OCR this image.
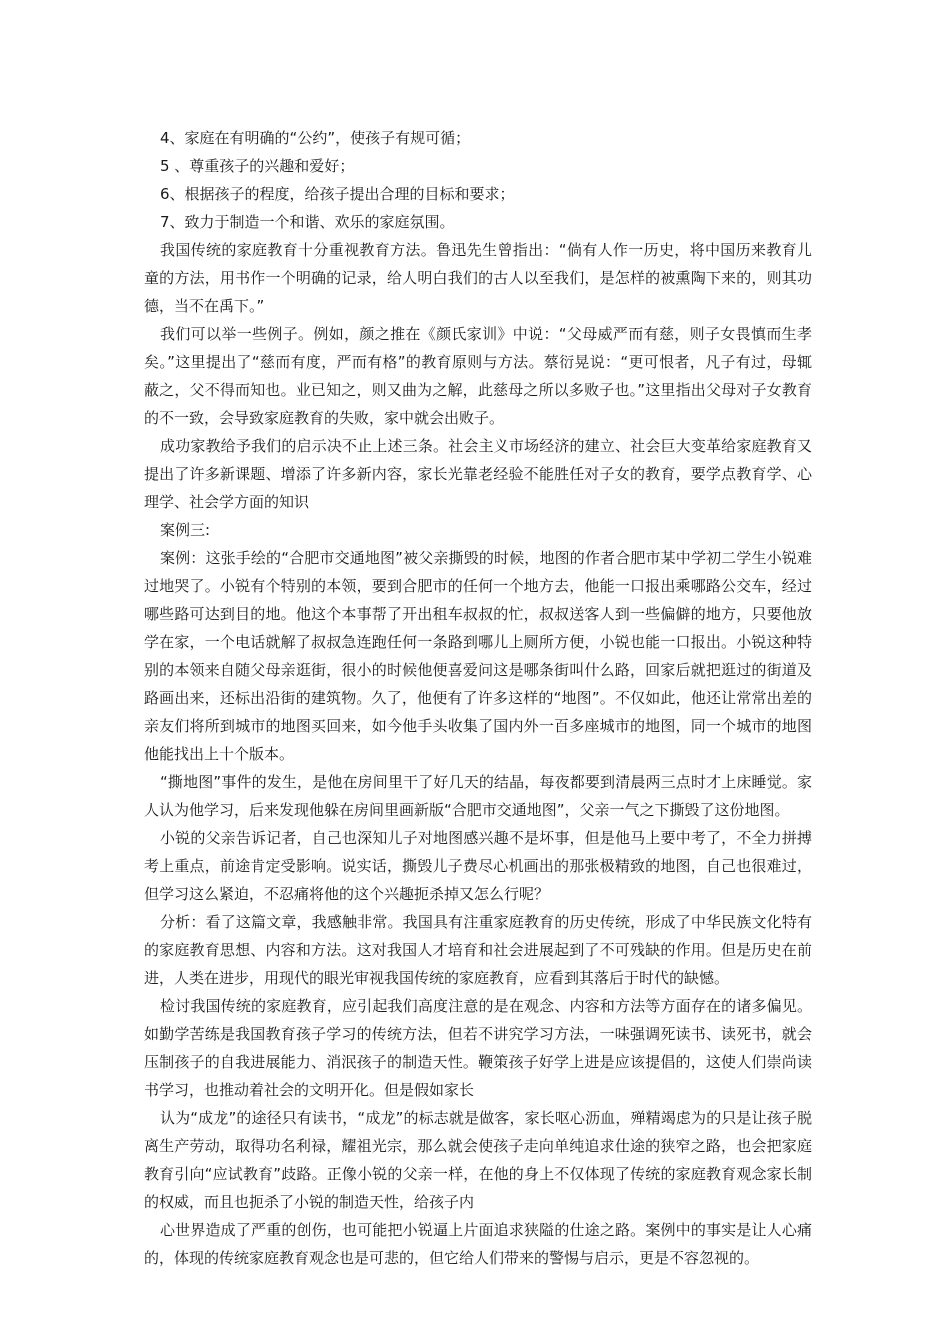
4、家庭在有明确的“公约”，使孩子有规可循；

5 、尊重孩子的兴趣和爱好；

6、根据孩子的程度，给孩子提出合理的目标和要求；

7、致力于制造一个和谐、欢乐的家庭氛围。

我国传统的家庭教育十分重视教育方法。鲁迅先生曾指出：“倘有人作一历史，将中国历来教育儿童的方法，用书作一个明确的记录，给人明白我们的古人以至我们，是怎样的被熏陶下来的，则其功德，当不在禹下。”

我们可以举一些例子。例如，颜之推在《颜氏家训》中说：“父母威严而有慈，则子女畏慎而生孝矣。”这里提出了“慈而有度，严而有格”的教育原则与方法。蔡衍晃说：“更可恨者，凡子有过，母辄蔽之，父不得而知也。业已知之，则又曲为之解，此慈母之所以多败子也。”这里指出父母对子女教育的不一致，会导致家庭教育的失败，家中就会出败子。

成功家教给予我们的启示决不止上述三条。社会主义市场经济的建立、社会巨大变革给家庭教育又提出了许多新课题、增添了许多新内容，家长光靠老经验不能胜任对子女的教育，要学点教育学、心理学、社会学方面的知识

案例三:

案例：这张手绘的“合肥市交通地图”被父亲撕毁的时候，地图的作者合肥市某中学初二学生小锐难过地哭了。小锐有个特别的本领，要到合肥市的任何一个地方去，他能一口报出乘哪路公交车，经过哪些路可达到目的地。他这个本事帮了开出租车叔叔的忙，叔叔送客人到一些偏僻的地方，只要他放学在家，一个电话就解了叔叔急连跑任何一条路到哪儿上厕所方便，小锐也能一口报出。小锐这种特别的本领来自随父母亲逛街，很小的时候他便喜爱问这是哪条街叫什么路，回家后就把逛过的街道及路画出来，还标出沿街的建筑物。久了，他便有了许多这样的“地图”。不仅如此，他还让常常出差的亲友们将所到城市的地图买回来，如今他手头收集了国内外一百多座城市的地图，同一个城市的地图他能找出上十个版本。

“撕地图”事件的发生，是他在房间里干了好几天的结晶，每夜都要到清晨两三点时才上床睡觉。家人认为他学习，后来发现他躲在房间里画新版“合肥市交通地图”，父亲一气之下撕毁了这份地图。

小锐的父亲告诉记者，自己也深知儿子对地图感兴趣不是坏事，但是他马上要中考了，不全力拼搏考上重点，前途肯定受影响。说实话，撕毁儿子费尽心机画出的那张极精致的地图，自己也很难过，但学习这么紧迫，不忍痛将他的这个兴趣扼杀掉又怎么行呢？

分析：看了这篇文章，我感触非常。我国具有注重家庭教育的历史传统，形成了中华民族文化特有的家庭教育思想、内容和方法。这对我国人才培育和社会进展起到了不可残缺的作用。但是历史在前进，人类在进步，用现代的眼光审视我国传统的家庭教育，应看到其落后于时代的缺憾。

检讨我国传统的家庭教育，应引起我们高度注意的是在观念、内容和方法等方面存在的诸多偏见。如勤学苦练是我国教育孩子学习的传统方法，但若不讲究学习方法，一味强调死读书、读死书，就会压制孩子的自我进展能力、消泯孩子的制造天性。鞭策孩子好学上进是应该提倡的，这使人们崇尚读书学习，也推动着社会的文明开化。但是假如家长

认为“成龙”的途径只有读书，“成龙”的标志就是做客，家长呕心沥血，殚精竭虑为的只是让孩子脱离生产劳动，取得功名利禄，耀祖光宗，那么就会使孩子走向单纯追求仕途的狭窄之路，也会把家庭教育引向“应试教育”歧路。正像小锐的父亲一样，在他的身上不仅体现了传统的家庭教育观念家长制的权威，而且也扼杀了小锐的制造天性，给孩子内

心世界造成了严重的创伤，也可能把小锐逼上片面追求狭隘的仕途之路。案例中的事实是让人心痛的，体现的传统家庭教育观念也是可悲的，但它给人们带来的警惕与启示，更是不容忽视的。
